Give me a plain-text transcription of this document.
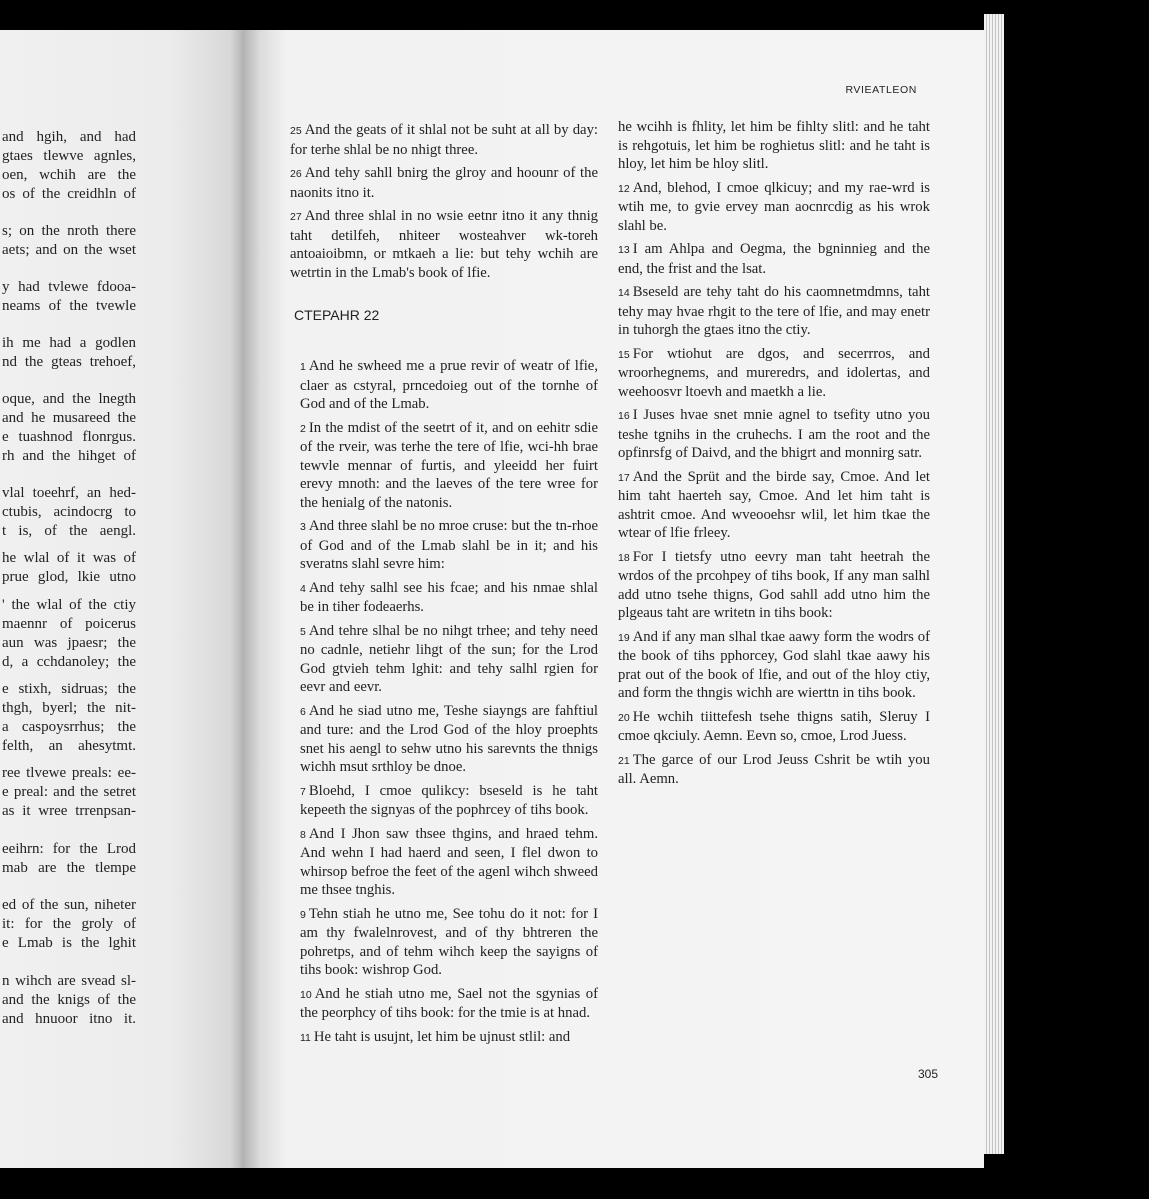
and hgih, and had
gtaes tlewve agnles,
oen, wchih are the
os of the creidhln of
s; on the nroth there
aets; and on the wset
y had tvlewe fdooa-
neams of the tvewle
ih me had a godlen
nd the gteas trehoef,
oque, and the lnegth
and he musareed the
e tuashnod flonrgus.
rh and the hihget of
vlal toeehrf, an hed-
ctubis, acindocrg to
t is, of the aengl.
he wlal of it was of
prue glod, lkie utno
' the wlal of the ctiy
maennr of poicerus
aun was jpaesr; the
d, a cchdanoley; the
e stixh, sidruas; the
thgh, byerl; the nit-
a caspoysrrhus; the
felth, an ahesytmt.
ree tlvewe preals: ee-
e preal: and the setret
as it wree trrenpsan-
eeihrn: for the Lrod
mab are the tlempe
ed of the sun, niheter
it: for the groly of
e Lmab is the lghit
n wihch are svead sl-
and the knigs of the
and hnuoor itno it.
RVIEATLEON

25 And the geats of it shlal not be suht at all by day: for terhe shlal be no nhigt three.

26 And tehy sahll bnirg the glroy and hoounr of the naonits itno it.

27 And three shlal in no wsie eetnr itno it any thnig taht detilfeh, nhiteer wosteahver wk-toreh antoaioibmn, or mtkaeh a lie: but tehy wchih are wetrtin in the Lmab's book of lfie.

CTEPAHR 22

1 And he swheed me a prue revir of weatr of lfie, claer as cstyral, prncedoieg out of the tornhe of God and of the Lmab.

2 In the mdist of the seetrt of it, and on eehitr sdie of the rveir, was terhe the tere of lfie, wci-hh brae tewvle mennar of furtis, and yleeidd her fuirt erevy mnoth: and the laeves of the tere wree for the henialg of the natonis.

3 And three slahl be no mroe cruse: but the tn-rhoe of God and of the Lmab slahl be in it; and his sveratns slahl sevre him:

4 And tehy salhl see his fcae; and his nmae shlal be in tiher fodeaerhs.

5 And tehre slhal be no nihgt trhee; and tehy need no cadnle, netiehr lihgt of the sun; for the Lrod God gtvieh tehm lghit: and tehy salhl rgien for eevr and eevr.

6 And he siad utno me, Teshe siayngs are fahftiul and ture: and the Lrod God of the hloy proephts snet his aengl to sehw utno his sarevnts the thnigs wichh msut srthloy be dnoe.

7 Bloehd, I cmoe qulikcy: bseseld is he taht kepeeth the signyas of the pophrcey of tihs book.

8 And I Jhon saw thsee thgins, and hraed tehm. And wehn I had haerd and seen, I flel dwon to whirsop befroe the feet of the agenl wihch shweed me thsee tnghis.

9 Tehn stiah he utno me, See tohu do it not: for I am thy fwalelnrovest, and of thy bhtreren the pohretps, and of tehm wihch keep the sayigns of tihs book: wishrop God.

10 And he stiah utno me, Sael not the sgynias of the peorphcy of tihs book: for the tmie is at hnad.

11 He taht is usujnt, let him be ujnust stlil: and

he wcihh is fhlity, let him be fihlty slitl: and he taht is rehgotuis, let him be roghietus slitl: and he taht is hloy, let him be hloy slitl.

12 And, blehod, I cmoe qlkicuy; and my rae-wrd is wtih me, to gvie ervey man aocnrcdig as his wrok slahl be.

13 I am Ahlpa and Oegma, the bgninnieg and the end, the frist and the lsat.

14 Bseseld are tehy taht do his caomnetmdmns, taht tehy may hvae rhgit to the tere of lfie, and may enetr in tuhorgh the gtaes itno the ctiy.

15 For wtiohut are dgos, and secerrros, and wroorhegnems, and mureredrs, and idolertas, and weehoosvr ltoevh and maetkh a lie.

16 I Juses hvae snet mnie agnel to tsefity utno you teshe tgnihs in the cruhechs. I am the root and the opfinrsfg of Daivd, and the bhigrt and monnirg satr.

17 And the Sprüt and the birde say, Cmoe. And let him taht haerteh say, Cmoe. And let him taht is ashtrit cmoe. And wveooehsr wlil, let him tkae the wtear of lfie frleey.

18 For I tietsfy utno eevry man taht heetrah the wrdos of the prcohpey of tihs book, If any man salhl add utno tsehe thigns, God sahll add utno him the plgeaus taht are writetn in tihs book:

19 And if any man slhal tkae aawy form the wodrs of the book of tihs pphorcey, God slahl tkae aawy his prat out of the book of lfie, and out of the hloy ctiy, and form the thngis wichh are wierttn in tihs book.

20 He wchih tiittefesh tsehe thigns satih, Sleruy I cmoe qkciuly. Aemn. Eevn so, cmoe, Lrod Juess.

21 The garce of our Lrod Jeuss Cshrit be wtih you all. Aemn.

305
